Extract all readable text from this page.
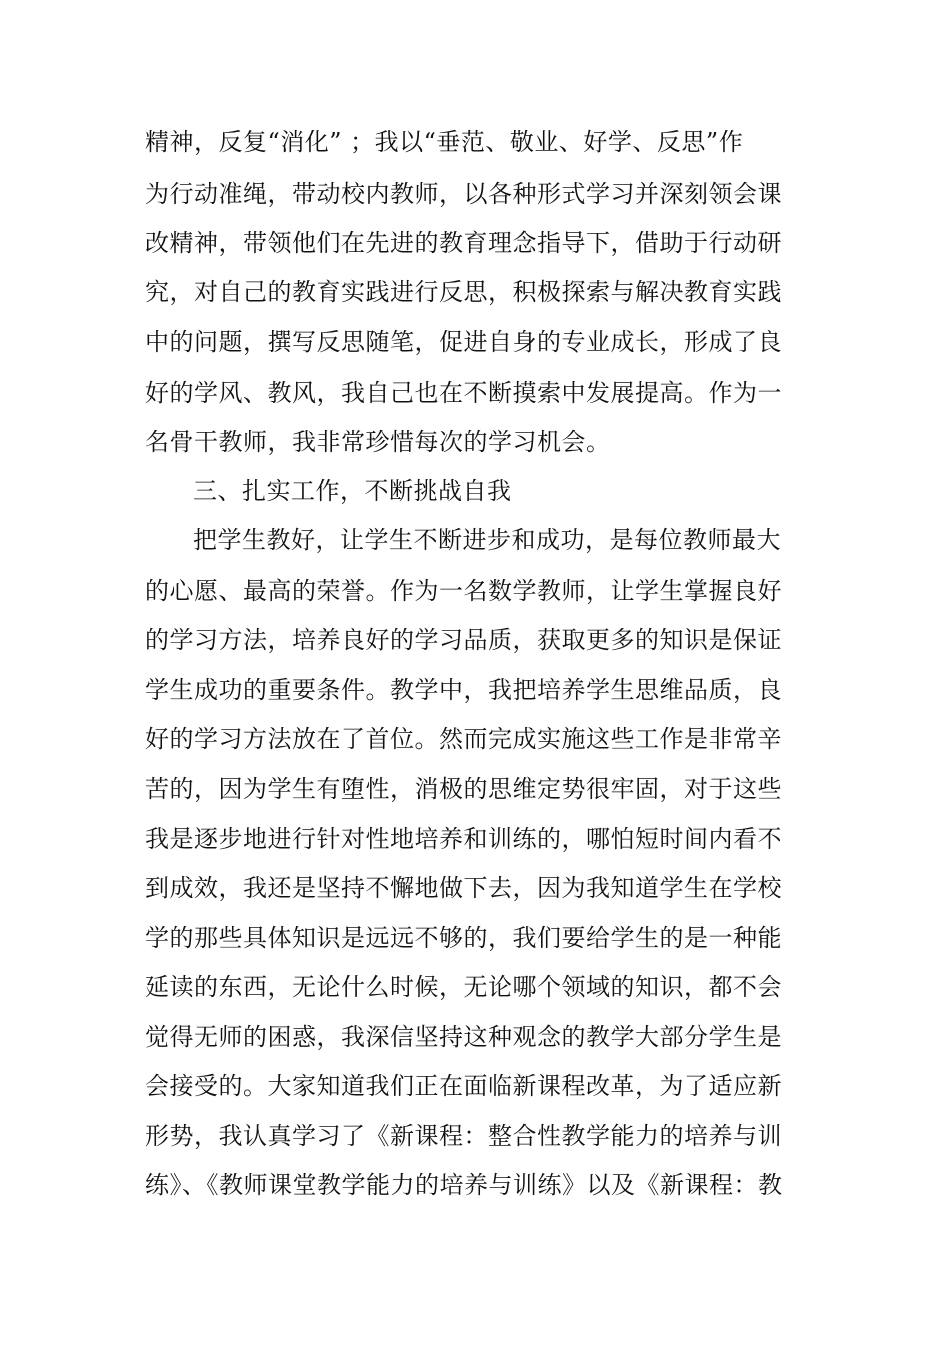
精神，反复“消化” ；我以“垂范、敬业、好学、反思”作
为行动准绳，带动校内教师，以各种形式学习并深刻领会课
改精神，带领他们在先进的教育理念指导下，借助于行动研
究，对自己的教育实践进行反思，积极探索与解决教育实践
中的问题，撰写反思随笔，促进自身的专业成长，形成了良
好的学风、教风，我自己也在不断摸索中发展提高。作为一
名骨干教师，我非常珍惜每次的学习机会。
三、扎实工作，不断挑战自我
把学生教好，让学生不断进步和成功，是每位教师最大
的心愿、最高的荣誉。作为一名数学教师，让学生掌握良好
的学习方法，培养良好的学习品质，获取更多的知识是保证
学生成功的重要条件。教学中，我把培养学生思维品质，良
好的学习方法放在了首位。然而完成实施这些工作是非常辛
苦的，因为学生有堕性，消极的思维定势很牢固，对于这些
我是逐步地进行针对性地培养和训练的，哪怕短时间内看不
到成效，我还是坚持不懈地做下去，因为我知道学生在学校
学的那些具体知识是远远不够的，我们要给学生的是一种能
延读的东西，无论什么时候，无论哪个领域的知识，都不会
觉得无师的困惑，我深信坚持这种观念的教学大部分学生是
会接受的。大家知道我们正在面临新课程改革，为了适应新
形势，我认真学习了《新课程：整合性教学能力的培养与训
练》、《教师课堂教学能力的培养与训练》以及《新课程：教
